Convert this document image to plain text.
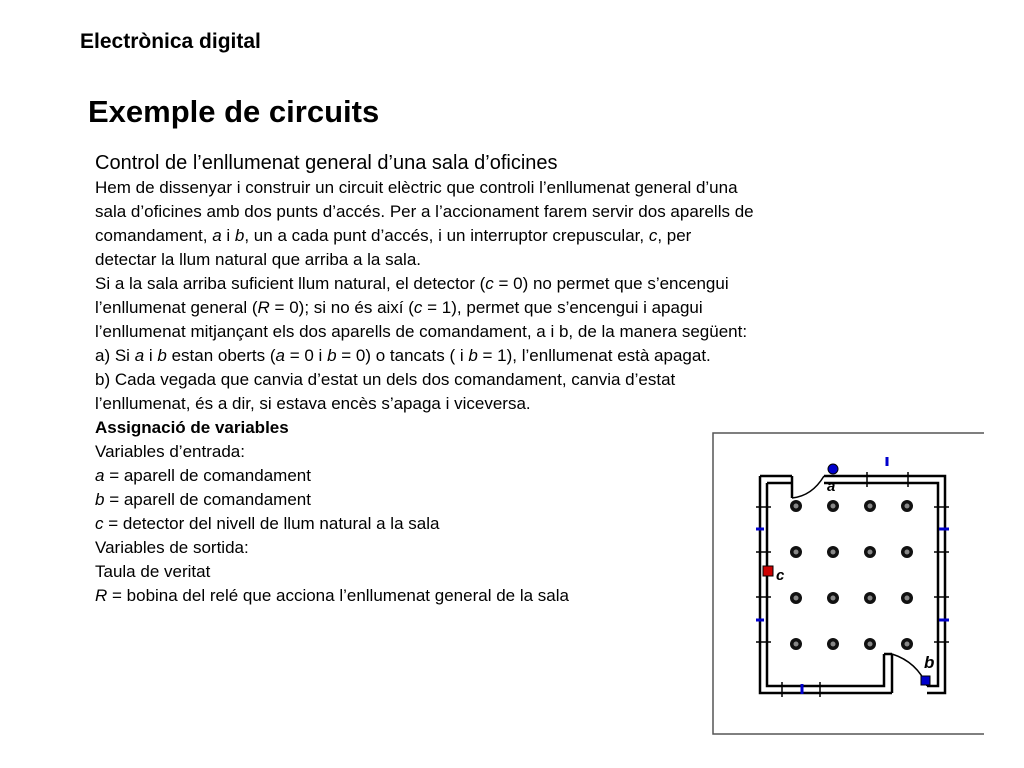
Electrònica digital
Exemple de circuits

Control de l’enllumenat general d’una sala d’oficines

Hem de dissenyar i construir un circuit elèctric que controli l’enllumenat general d’una sala d’oficines amb dos punts d’accés. Per a l’accionament farem servir dos aparells de comandament, a i b, un a cada punt d’accés, i un interruptor crepuscular, c, per detectar la llum natural que arriba a la sala.

Si a la sala arriba suficient llum natural, el detector (c = 0) no permet que s’encengui l’enllumenat general (R = 0); si no és així (c = 1), permet que s’encengui i apagui l’enllumenat mitjançant els dos aparells de comandament, a i b, de la manera següent:

a) Si a i b estan oberts (a = 0 i b = 0) o tancats ( i b = 1), l’enllumenat està apagat.

b) Cada vegada que canvia d’estat un dels dos comandament, canvia d’estat l’enllumenat, és a dir, si estava encès s’apaga i viceversa.

Assignació de variables

Variables d’entrada:

a = aparell de comandament

b = aparell de comandament

c = detector del nivell de llum natural a la sala

Variables de sortida:

Taula de veritat

R = bobina del relé que acciona l’enllumenat general de la sala

a
c
b
